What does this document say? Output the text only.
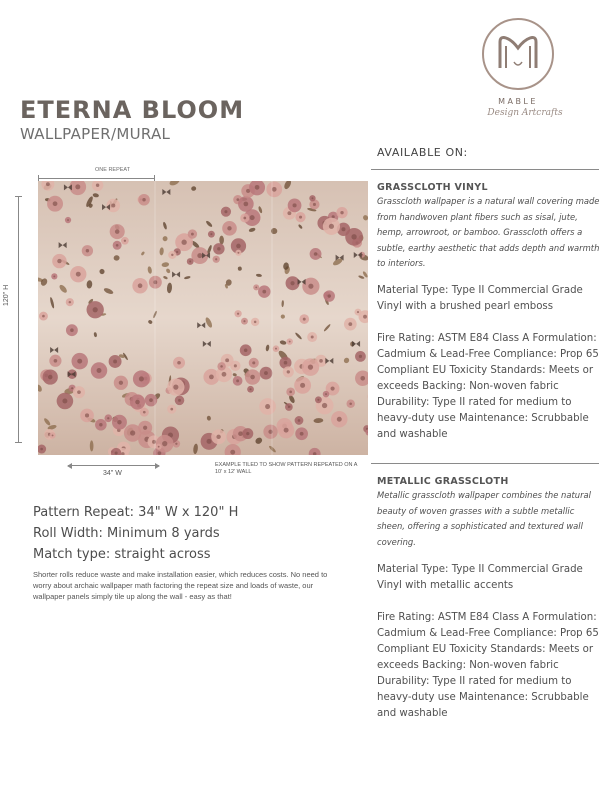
MABLE
Design Artcrafts
ETERNA BLOOM
WALLPAPER/MURAL
ONE REPEAT
120" H
34" W
EXAMPLE TILED TO SHOW PATTERN REPEATED ON A 10' x 12' WALL
Pattern Repeat: 34" W x 120" H
Roll Width: Minimum 8 yards
Match type: straight across
Shorter rolls reduce waste and make installation easier, which reduces costs. No need to worry about archaic wallpaper math factoring the repeat size and loads of waste, our wallpaper panels simply tile up along the wall - easy as that!
AVAILABLE ON:
GRASSCLOTH VINYL
Grasscloth wallpaper is a natural wall covering made from handwoven plant fibers such as sisal, jute, hemp, arrowroot, or bamboo. Grasscloth offers a subtle, earthy aesthetic that adds depth and warmth to interiors.
Material Type: Type II Commercial Grade Vinyl with a brushed pearl emboss
Fire Rating: ASTM E84 Class A Formulation: Cadmium & Lead-Free Compliance: Prop 65 Compliant EU Toxicity Standards: Meets or exceeds Backing: Non-woven fabric Durability: Type II rated for medium to heavy-duty use Maintenance: Scrubbable and washable
METALLIC GRASSCLOTH
Metallic grasscloth wallpaper combines the natural beauty of woven grasses with a subtle metallic sheen, offering a sophisticated and textured wall covering.
Material Type: Type II Commercial Grade Vinyl with metallic accents
Fire Rating: ASTM E84 Class A Formulation: Cadmium & Lead-Free Compliance: Prop 65 Compliant EU Toxicity Standards: Meets or exceeds Backing: Non-woven fabric Durability: Type II rated for medium to heavy-duty use Maintenance: Scrubbable and washable
